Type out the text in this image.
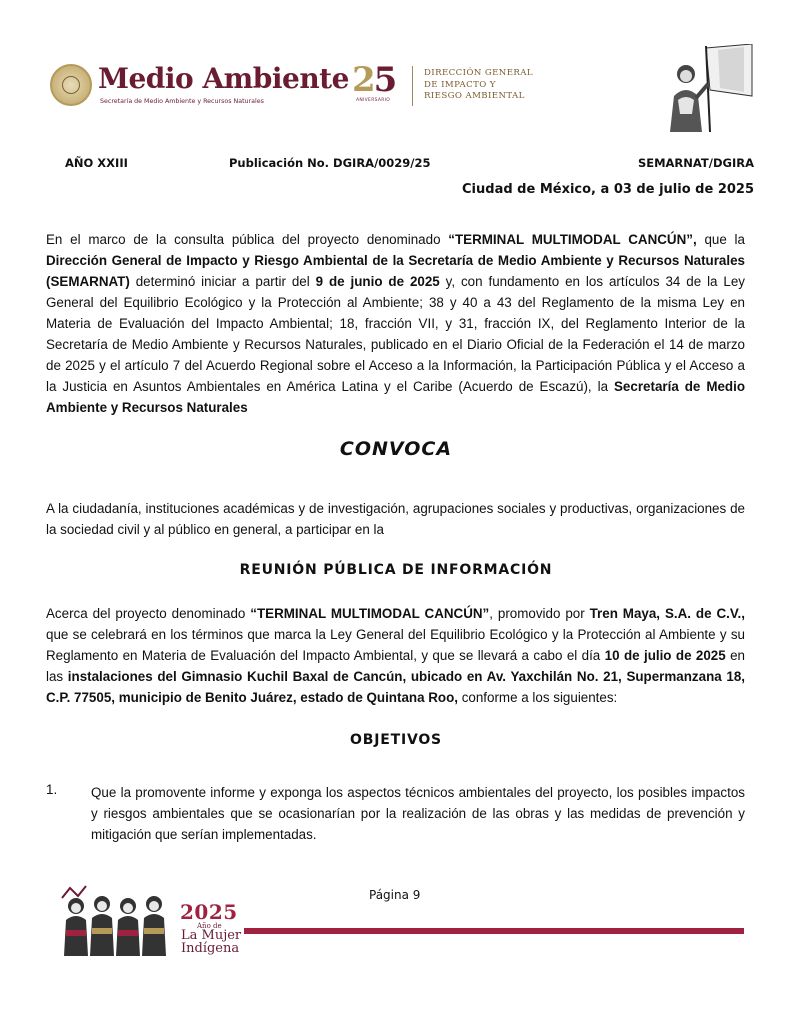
Medio Ambiente
Secretaría de Medio Ambiente y Recursos Naturales
25
ANIVERSARIO
DIRECCIÓN GENERAL
DE IMPACTO Y
RIESGO AMBIENTAL
AÑO XXIII	Publicación No. DGIRA/0029/25	SEMARNAT/DGIRA
Ciudad de México, a 03 de julio de 2025
En el marco de la consulta pública del proyecto denominado “TERMINAL MULTIMODAL CANCÚN”, que la Dirección General de Impacto y Riesgo Ambiental de la Secretaría de Medio Ambiente y Recursos Naturales (SEMARNAT) determinó iniciar a partir del 9 de junio de 2025 y, con fundamento en los artículos 34 de la Ley General del Equilibrio Ecológico y la Protección al Ambiente; 38 y 40 a 43 del Reglamento de la misma Ley en Materia de Evaluación del Impacto Ambiental; 18, fracción VII, y 31, fracción IX, del Reglamento Interior de la Secretaría de Medio Ambiente y Recursos Naturales, publicado en el Diario Oficial de la Federación el 14 de marzo de 2025 y el artículo 7 del Acuerdo Regional sobre el Acceso a la Información, la Participación Pública y el Acceso a la Justicia en Asuntos Ambientales en América Latina y el Caribe (Acuerdo de Escazú), la Secretaría de Medio Ambiente y Recursos Naturales
CONVOCA
A la ciudadanía, instituciones académicas y de investigación, agrupaciones sociales y productivas, organizaciones de la sociedad civil y al público en general, a participar en la
REUNIÓN PÚBLICA DE INFORMACIÓN
Acerca del proyecto denominado “TERMINAL MULTIMODAL CANCÚN”, promovido por Tren Maya, S.A. de C.V., que se celebrará en los términos que marca la Ley General del Equilibrio Ecológico y la Protección al Ambiente y su Reglamento en Materia de Evaluación del Impacto Ambiental, y que se llevará a cabo el día 10 de julio de 2025 en las instalaciones del Gimnasio Kuchil Baxal de Cancún, ubicado en Av. Yaxchilán No. 21, Supermanzana 18, C.P. 77505, municipio de Benito Juárez, estado de Quintana Roo, conforme a los siguientes:
OBJETIVOS
1.	Que la promovente informe y exponga los aspectos técnicos ambientales del proyecto, los posibles impactos y riesgos ambientales que se ocasionarían por la realización de las obras y las medidas de prevención y mitigación que serían implementadas.
Página 9
2025
Año de
La Mujer
Indígena
